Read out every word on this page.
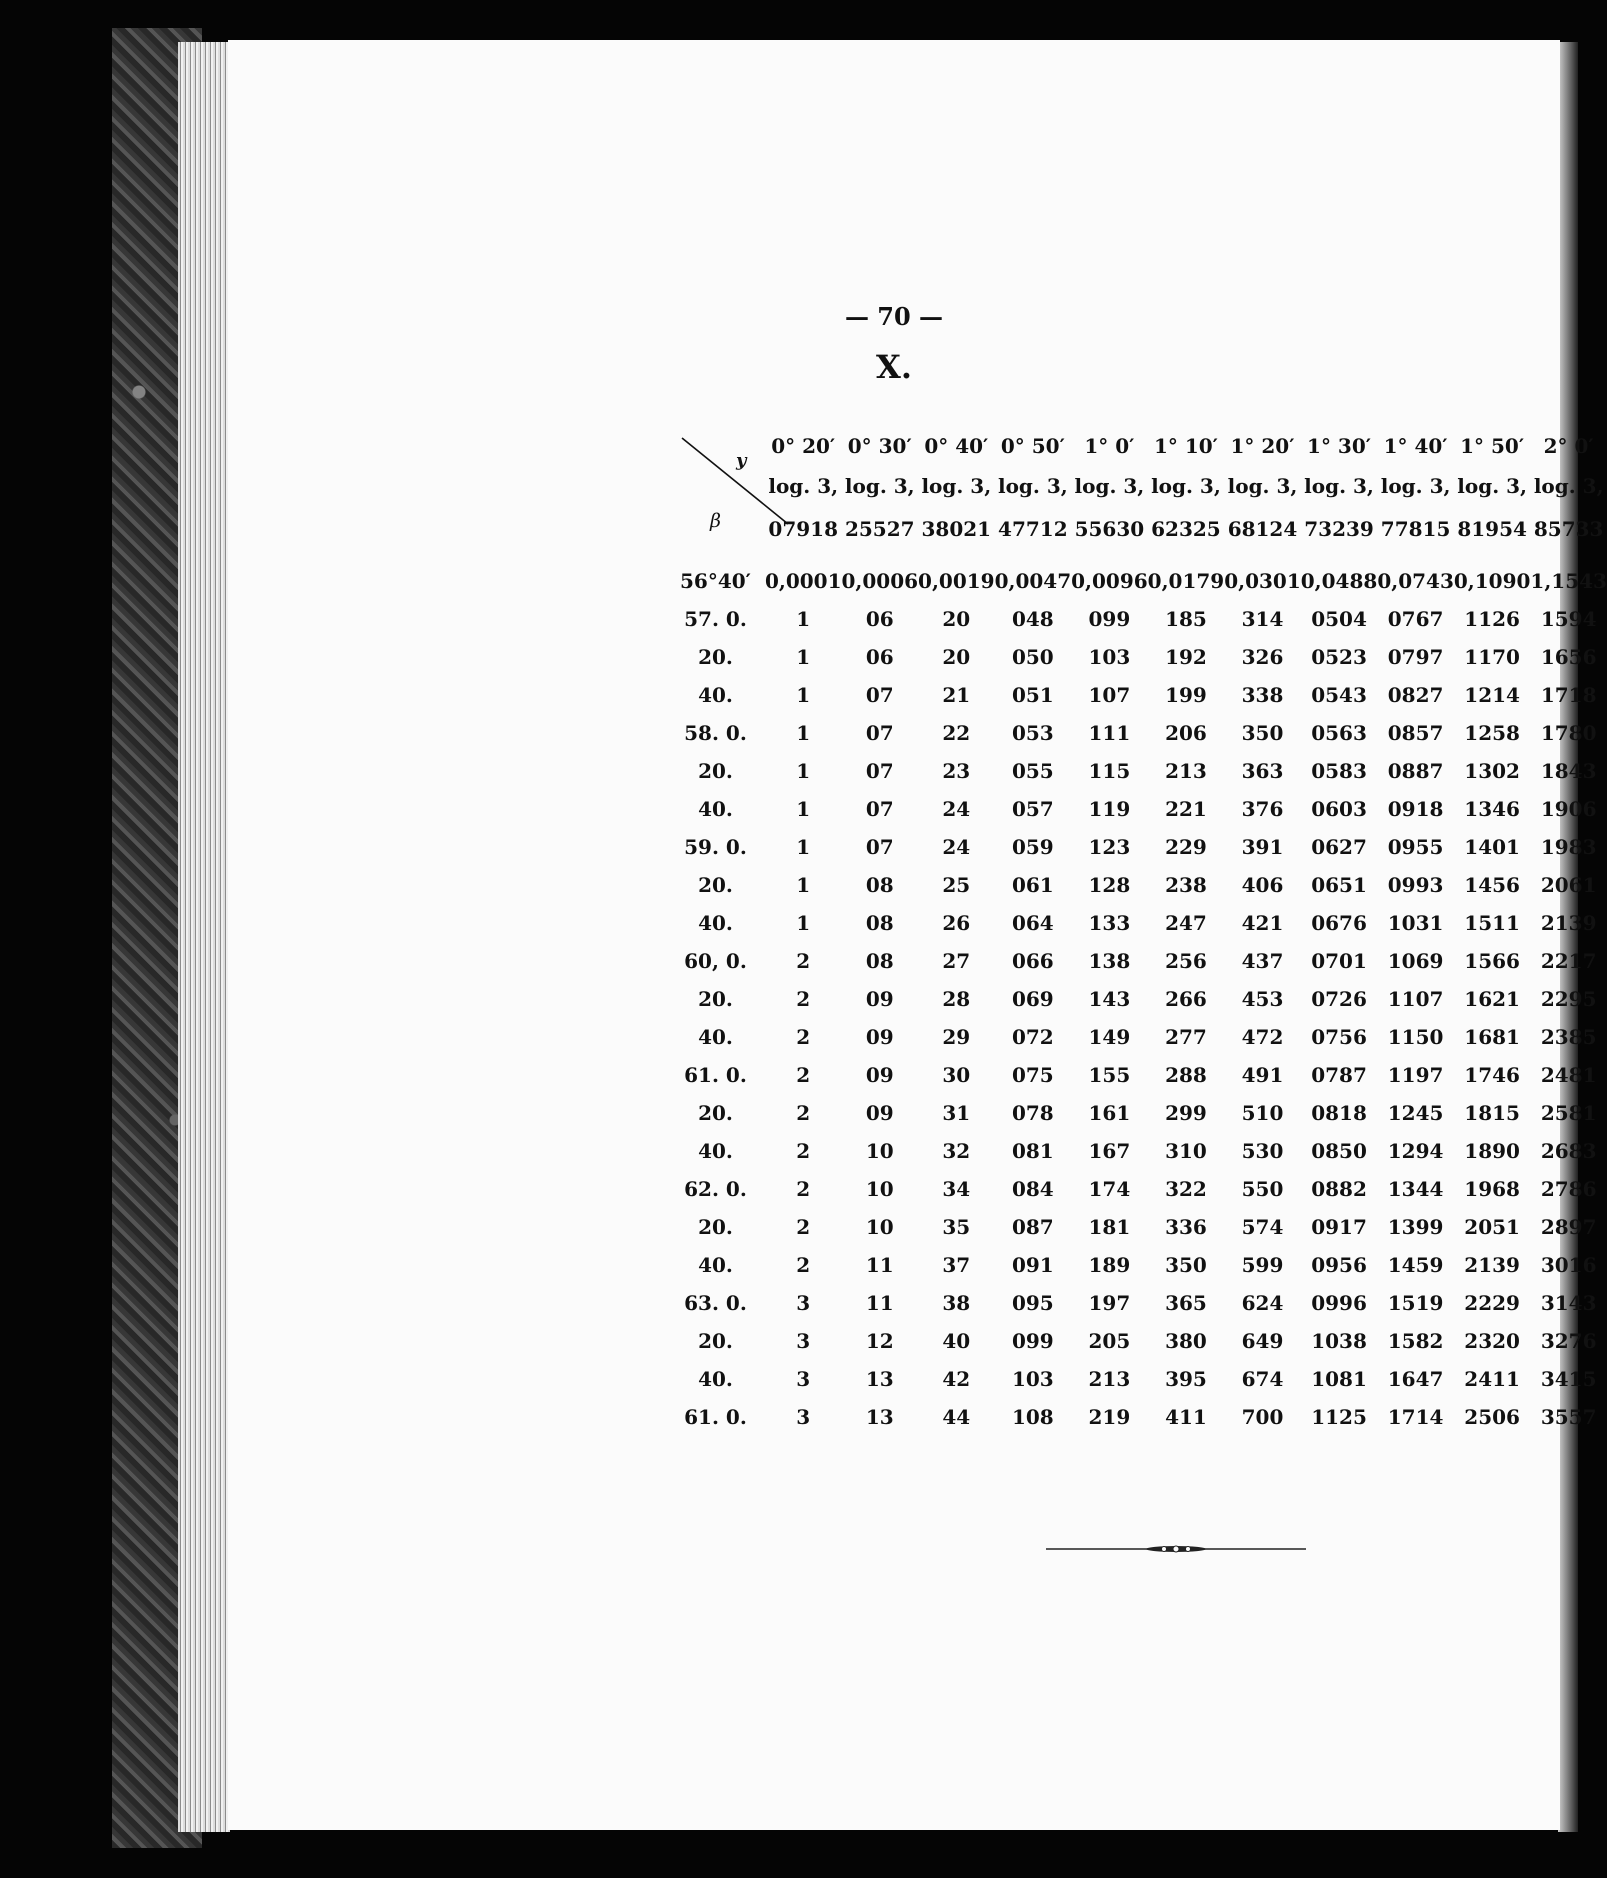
— 70 —
X.
y
β
	0° 20′	0° 30′	0° 40′	0° 50′	1° 0′	1° 10′	1° 20′	1° 30′	1° 40′	1° 50′	2° 0′
	log. 3,	log. 3,	log. 3,	log. 3,	log. 3,	log. 3,	log. 3,	log. 3,	log. 3,	log. 3,	log. 3,
	07918	25527	38021	47712	55630	62325	68124	73239	77815	81954	85733

56°40′	0,0001	0,0006	0,0019	0,0047	0,0096	0,0179	0,0301	0,0488	0,0743	0,1090	1,1543
57. 0.	1	06	20	048	099	185	314	0504	0767	1126	1594
20.	1	06	20	050	103	192	326	0523	0797	1170	1656
40.	1	07	21	051	107	199	338	0543	0827	1214	1718
58. 0.	1	07	22	053	111	206	350	0563	0857	1258	1780
20.	1	07	23	055	115	213	363	0583	0887	1302	1843
40.	1	07	24	057	119	221	376	0603	0918	1346	1906
59. 0.	1	07	24	059	123	229	391	0627	0955	1401	1983
20.	1	08	25	061	128	238	406	0651	0993	1456	2061
40.	1	08	26	064	133	247	421	0676	1031	1511	2139
60, 0.	2	08	27	066	138	256	437	0701	1069	1566	2217
20.	2	09	28	069	143	266	453	0726	1107	1621	2295
40.	2	09	29	072	149	277	472	0756	1150	1681	2385
61. 0.	2	09	30	075	155	288	491	0787	1197	1746	2481
20.	2	09	31	078	161	299	510	0818	1245	1815	2581
40.	2	10	32	081	167	310	530	0850	1294	1890	2683
62. 0.	2	10	34	084	174	322	550	0882	1344	1968	2786
20.	2	10	35	087	181	336	574	0917	1399	2051	2897
40.	2	11	37	091	189	350	599	0956	1459	2139	3016
63. 0.	3	11	38	095	197	365	624	0996	1519	2229	3143
20.	3	12	40	099	205	380	649	1038	1582	2320	3276
40.	3	13	42	103	213	395	674	1081	1647	2411	3415
61. 0.	3	13	44	108	219	411	700	1125	1714	2506	3557
